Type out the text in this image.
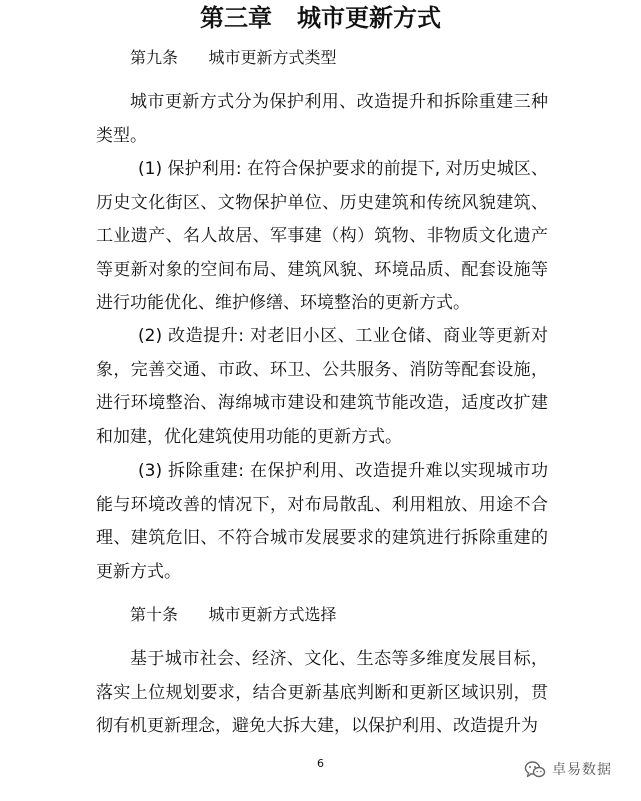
第三章   城市更新方式
第九条      城市更新方式类型

城市更新方式分为保护利用、改造提升和拆除重建三种类型。

(1) 保护利用: 在符合保护要求的前提下, 对历史城区、历史文化街区、文物保护单位、历史建筑和传统风貌建筑、工业遗产、名人故居、军事建（构）筑物、非物质文化遗产等更新对象的空间布局、建筑风貌、环境品质、配套设施等进行功能优化、维护修缮、环境整治的更新方式。

(2) 改造提升: 对老旧小区、工业仓储、商业等更新对象，完善交通、市政、环卫、公共服务、消防等配套设施，进行环境整治、海绵城市建设和建筑节能改造，适度改扩建和加建，优化建筑使用功能的更新方式。

(3) 拆除重建: 在保护利用、改造提升难以实现城市功能与环境改善的情况下，对布局散乱、利用粗放、用途不合理、建筑危旧、不符合城市发展要求的建筑进行拆除重建的更新方式。

第十条      城市更新方式选择

基于城市社会、经济、文化、生态等多维度发展目标，落实上位规划要求，结合更新基底判断和更新区域识别，贯彻有机更新理念，避免大拆大建，以保护利用、改造提升为

6	卓易数据
